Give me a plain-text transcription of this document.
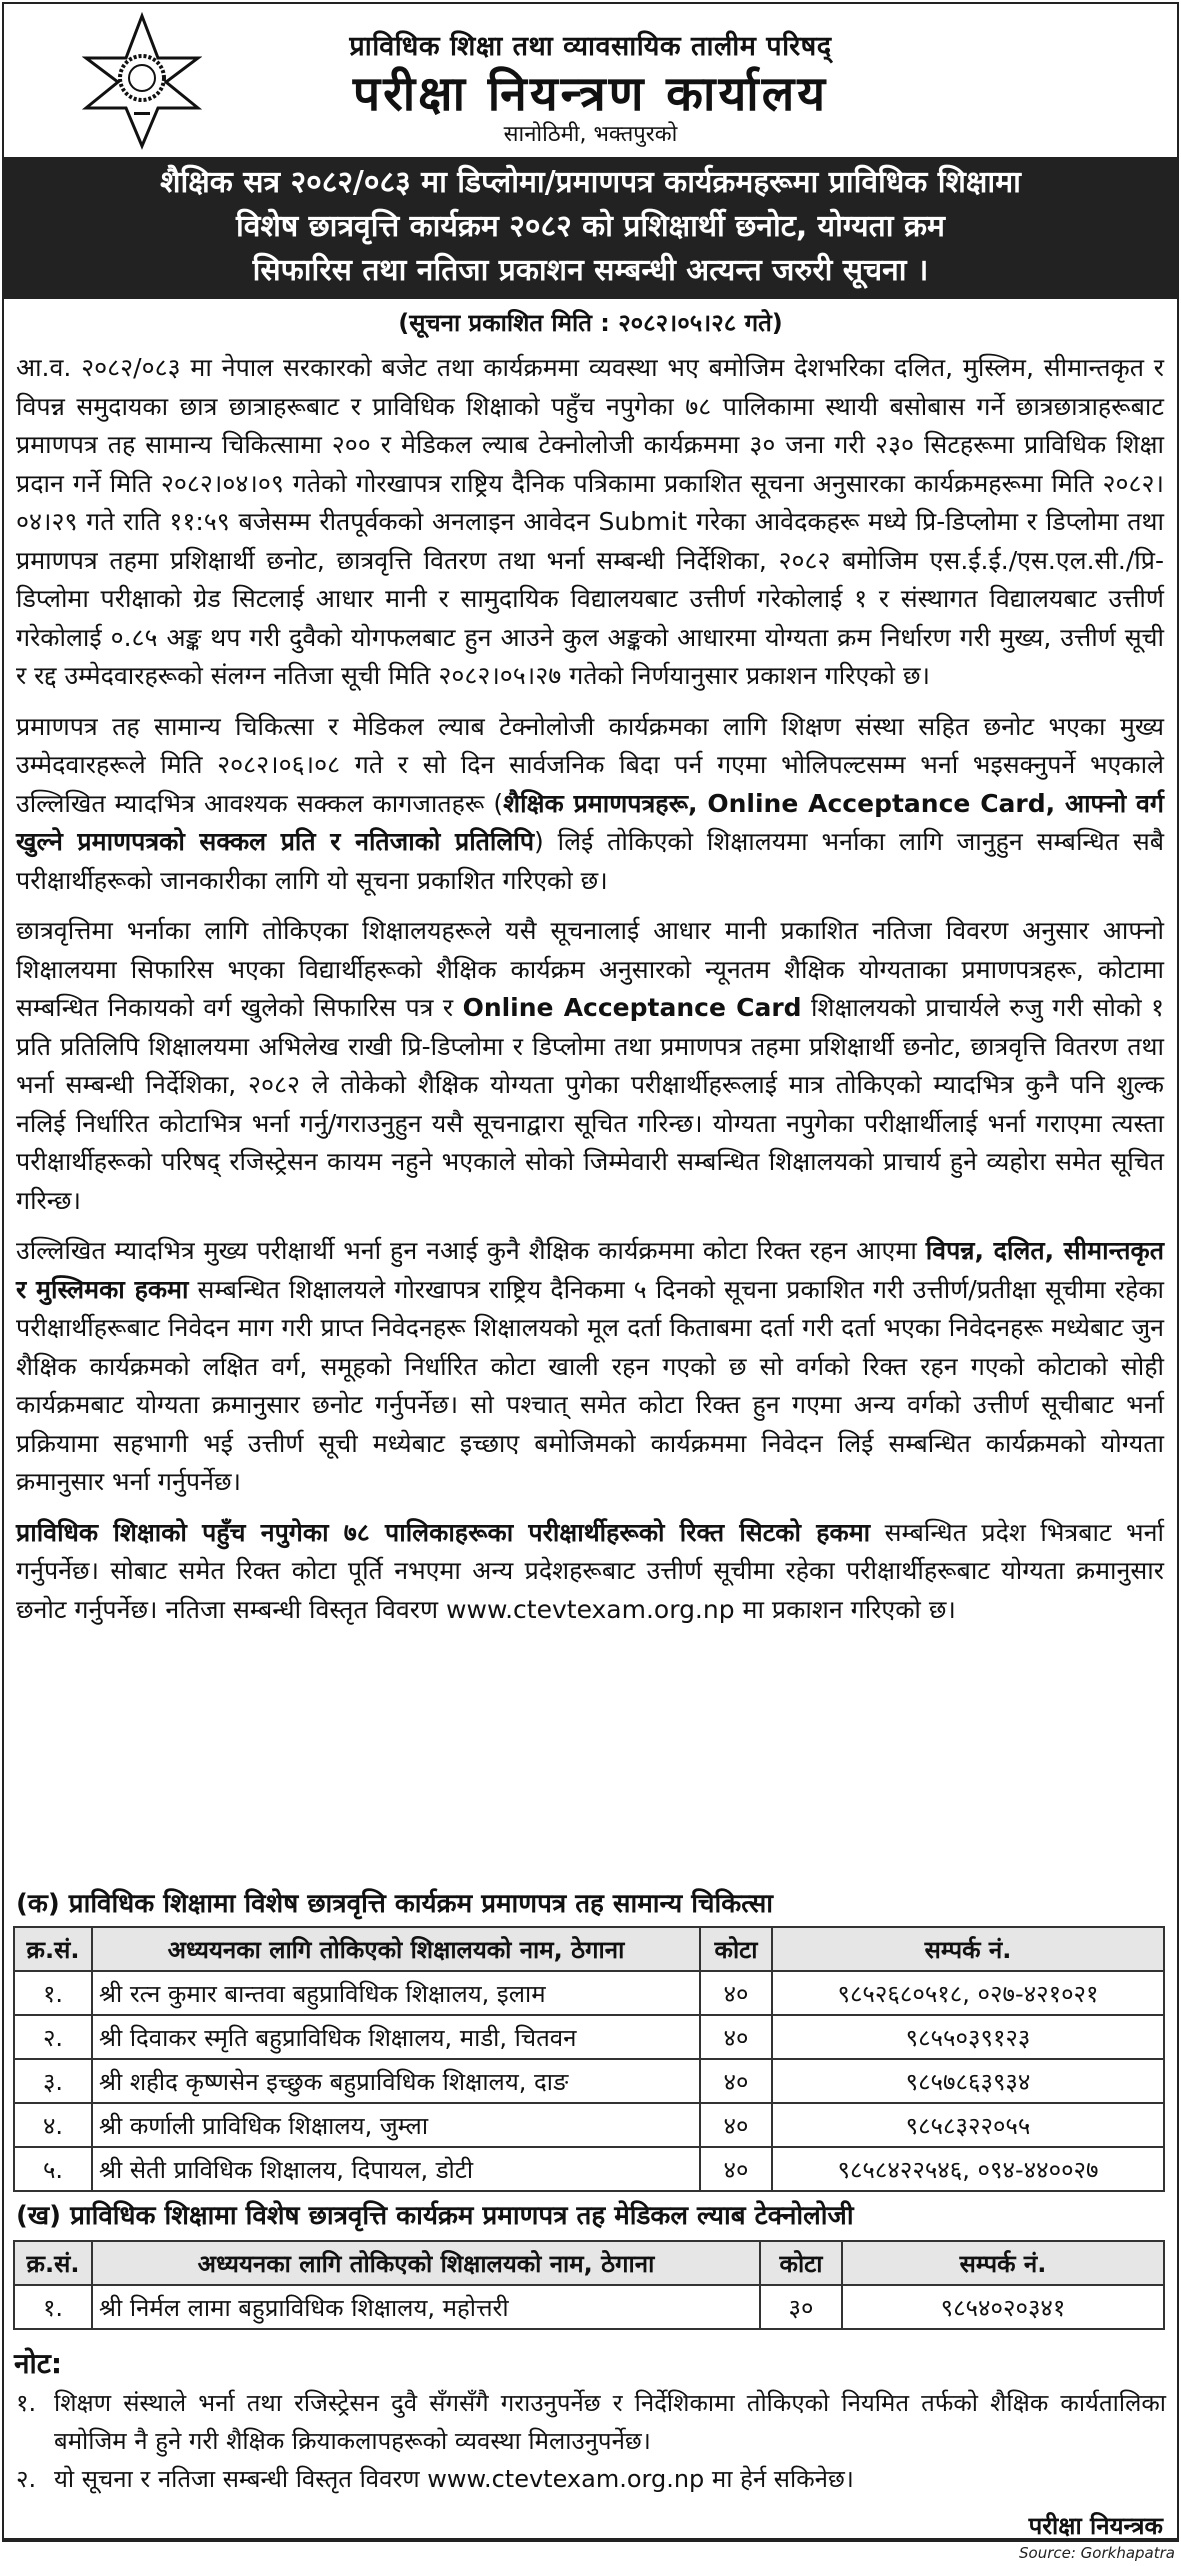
प्राविधिक शिक्षा तथा व्यावसायिक तालीम परिषद्
परीक्षा नियन्त्रण कार्यालय
सानोठिमी, भक्तपुरको
शैक्षिक सत्र २०८२/०८३ मा डिप्लोमा/प्रमाणपत्र कार्यक्रमहरूमा प्राविधिक शिक्षामा
विशेष छात्रवृत्ति कार्यक्रम २०८२ को प्रशिक्षार्थी छनोट, योग्यता क्रम
सिफारिस तथा नतिजा प्रकाशन सम्बन्धी अत्यन्त जरुरी सूचना ।
(सूचना प्रकाशित मिति : २०८२।०५।२८ गते)

आ.व. २०८२/०८३ मा नेपाल सरकारको बजेट तथा कार्यक्रममा व्यवस्था भए बमोजिम देशभरिका दलित, मुस्लिम, सीमान्तकृत र विपन्न समुदायका छात्र छात्राहरूबाट र प्राविधिक शिक्षाको पहुँच नपुगेका ७८ पालिकामा स्थायी बसोबास गर्ने छात्रछात्राहरूबाट प्रमाणपत्र तह सामान्य चिकित्सामा २०० र मेडिकल ल्याब टेक्नोलोजी कार्यक्रममा ३० जना गरी २३० सिटहरूमा प्राविधिक शिक्षा प्रदान गर्ने मिति २०८२।०४।०९ गतेको गोरखापत्र राष्ट्रिय दैनिक पत्रिकामा प्रकाशित सूचना अनुसारका कार्यक्रमहरूमा मिति २०८२।०४।२९ गते राति ११:५९ बजेसम्म रीतपूर्वकको अनलाइन आवेदन Submit गरेका आवेदकहरू मध्ये प्रि-डिप्लोमा र डिप्लोमा तथा प्रमाणपत्र तहमा प्रशिक्षार्थी छनोट, छात्रवृत्ति वितरण तथा भर्ना सम्बन्धी निर्देशिका, २०८२ बमोजिम एस.ई.ई./एस.एल.सी./प्रि-डिप्लोमा परीक्षाको ग्रेड सिटलाई आधार मानी र सामुदायिक विद्यालयबाट उत्तीर्ण गरेकोलाई १ र संस्थागत विद्यालयबाट उत्तीर्ण गरेकोलाई ०.८५ अङ्क थप गरी दुवैको योगफलबाट हुन आउने कुल अङ्कको आधारमा योग्यता क्रम निर्धारण गरी मुख्य, उत्तीर्ण सूची र रद्द उम्मेदवारहरूको संलग्न नतिजा सूची मिति २०८२।०५।२७ गतेको निर्णयानुसार प्रकाशन गरिएको छ।

प्रमाणपत्र तह सामान्य चिकित्सा र मेडिकल ल्याब टेक्नोलोजी कार्यक्रमका लागि शिक्षण संस्था सहित छनोट भएका मुख्य उम्मेदवारहरूले मिति २०८२।०६।०८ गते र सो दिन सार्वजनिक बिदा पर्न गएमा भोलिपल्टसम्म भर्ना भइसक्नुपर्ने भएकाले उल्लिखित म्यादभित्र आवश्यक सक्कल कागजातहरू (शैक्षिक प्रमाणपत्रहरू, Online Acceptance Card, आफ्नो वर्ग खुल्ने प्रमाणपत्रको सक्कल प्रति र नतिजाको प्रतिलिपि) लिई तोकिएको शिक्षालयमा भर्नाका लागि जानुहुन सम्बन्धित सबै परीक्षार्थीहरूको जानकारीका लागि यो सूचना प्रकाशित गरिएको छ।

छात्रवृत्तिमा भर्नाका लागि तोकिएका शिक्षालयहरूले यसै सूचनालाई आधार मानी प्रकाशित नतिजा विवरण अनुसार आफ्नो शिक्षालयमा सिफारिस भएका विद्यार्थीहरूको शैक्षिक कार्यक्रम अनुसारको न्यूनतम शैक्षिक योग्यताका प्रमाणपत्रहरू, कोटामा सम्बन्धित निकायको वर्ग खुलेको सिफारिस पत्र र Online Acceptance Card शिक्षालयको प्राचार्यले रुजु गरी सोको १ प्रति प्रतिलिपि शिक्षालयमा अभिलेख राखी प्रि-डिप्लोमा र डिप्लोमा तथा प्रमाणपत्र तहमा प्रशिक्षार्थी छनोट, छात्रवृत्ति वितरण तथा भर्ना सम्बन्धी निर्देशिका, २०८२ ले तोकेको शैक्षिक योग्यता पुगेका परीक्षार्थीहरूलाई मात्र तोकिएको म्यादभित्र कुनै पनि शुल्क नलिई निर्धारित कोटाभित्र भर्ना गर्नु/गराउनुहुन यसै सूचनाद्वारा सूचित गरिन्छ। योग्यता नपुगेका परीक्षार्थीलाई भर्ना गराएमा त्यस्ता परीक्षार्थीहरूको परिषद् रजिस्ट्रेसन कायम नहुने भएकाले सोको जिम्मेवारी सम्बन्धित शिक्षालयको प्राचार्य हुने व्यहोरा समेत सूचित गरिन्छ।

उल्लिखित म्यादभित्र मुख्य परीक्षार्थी भर्ना हुन नआई कुनै शैक्षिक कार्यक्रममा कोटा रिक्त रहन आएमा विपन्न, दलित, सीमान्तकृत र मुस्लिमका हकमा सम्बन्धित शिक्षालयले गोरखापत्र राष्ट्रिय दैनिकमा ५ दिनको सूचना प्रकाशित गरी उत्तीर्ण/प्रतीक्षा सूचीमा रहेका परीक्षार्थीहरूबाट निवेदन माग गरी प्राप्त निवेदनहरू शिक्षालयको मूल दर्ता किताबमा दर्ता गरी दर्ता भएका निवेदनहरू मध्येबाट जुन शैक्षिक कार्यक्रमको लक्षित वर्ग, समूहको निर्धारित कोटा खाली रहन गएको छ सो वर्गको रिक्त रहन गएको कोटाको सोही कार्यक्रमबाट योग्यता क्रमानुसार छनोट गर्नुपर्नेछ। सो पश्चात् समेत कोटा रिक्त हुन गएमा अन्य वर्गको उत्तीर्ण सूचीबाट भर्ना प्रक्रियामा सहभागी भई उत्तीर्ण सूची मध्येबाट इच्छाए बमोजिमको कार्यक्रममा निवेदन लिई सम्बन्धित कार्यक्रमको योग्यता क्रमानुसार भर्ना गर्नुपर्नेछ।

प्राविधिक शिक्षाको पहुँच नपुगेका ७८ पालिकाहरूका परीक्षार्थीहरूको रिक्त सिटको हकमा सम्बन्धित प्रदेश भित्रबाट भर्ना गर्नुपर्नेछ। सोबाट समेत रिक्त कोटा पूर्ति नभएमा अन्य प्रदेशहरूबाट उत्तीर्ण सूचीमा रहेका परीक्षार्थीहरूबाट योग्यता क्रमानुसार छनोट गर्नुपर्नेछ। नतिजा सम्बन्धी विस्तृत विवरण www.ctevtexam.org.np मा प्रकाशन गरिएको छ।

(क) प्राविधिक शिक्षामा विशेष छात्रवृत्ति कार्यक्रम प्रमाणपत्र तह सामान्य चिकित्सा
क्र.सं.	अध्ययनका लागि तोकिएको शिक्षालयको नाम, ठेगाना	कोटा	सम्पर्क नं.
१.	श्री रत्न कुमार बान्तवा बहुप्राविधिक शिक्षालय, इलाम	४०	९८५२६८०५१८, ०२७-४२१०२१
२.	श्री दिवाकर स्मृति बहुप्राविधिक शिक्षालय, माडी, चितवन	४०	९८५५०३९१२३
३.	श्री शहीद कृष्णसेन इच्छुक बहुप्राविधिक शिक्षालय, दाङ	४०	९८५७८६३९३४
४.	श्री कर्णाली प्राविधिक शिक्षालय, जुम्ला	४०	९८५८३२२०५५
५.	श्री सेती प्राविधिक शिक्षालय, दिपायल, डोटी	४०	९८५८४२२५४६, ०९४-४४००२७
(ख) प्राविधिक शिक्षामा विशेष छात्रवृत्ति कार्यक्रम प्रमाणपत्र तह मेडिकल ल्याब टेक्नोलोजी
क्र.सं.	अध्ययनका लागि तोकिएको शिक्षालयको नाम, ठेगाना	कोटा	सम्पर्क नं.
१.	श्री निर्मल लामा बहुप्राविधिक शिक्षालय, महोत्तरी	३०	९८५४०२०३४१
नोट:
१. शिक्षण संस्थाले भर्ना तथा रजिस्ट्रेसन दुवै सँगसँगै गराउनुपर्नेछ र निर्देशिकामा तोकिएको नियमित तर्फको शैक्षिक कार्यतालिका बमोजिम नै हुने गरी शैक्षिक क्रियाकलापहरूको व्यवस्था मिलाउनुपर्नेछ।
२. यो सूचना र नतिजा सम्बन्धी विस्तृत विवरण www.ctevtexam.org.np मा हेर्न सकिनेछ।
परीक्षा नियन्त्रक
Source: Gorkhapatra
